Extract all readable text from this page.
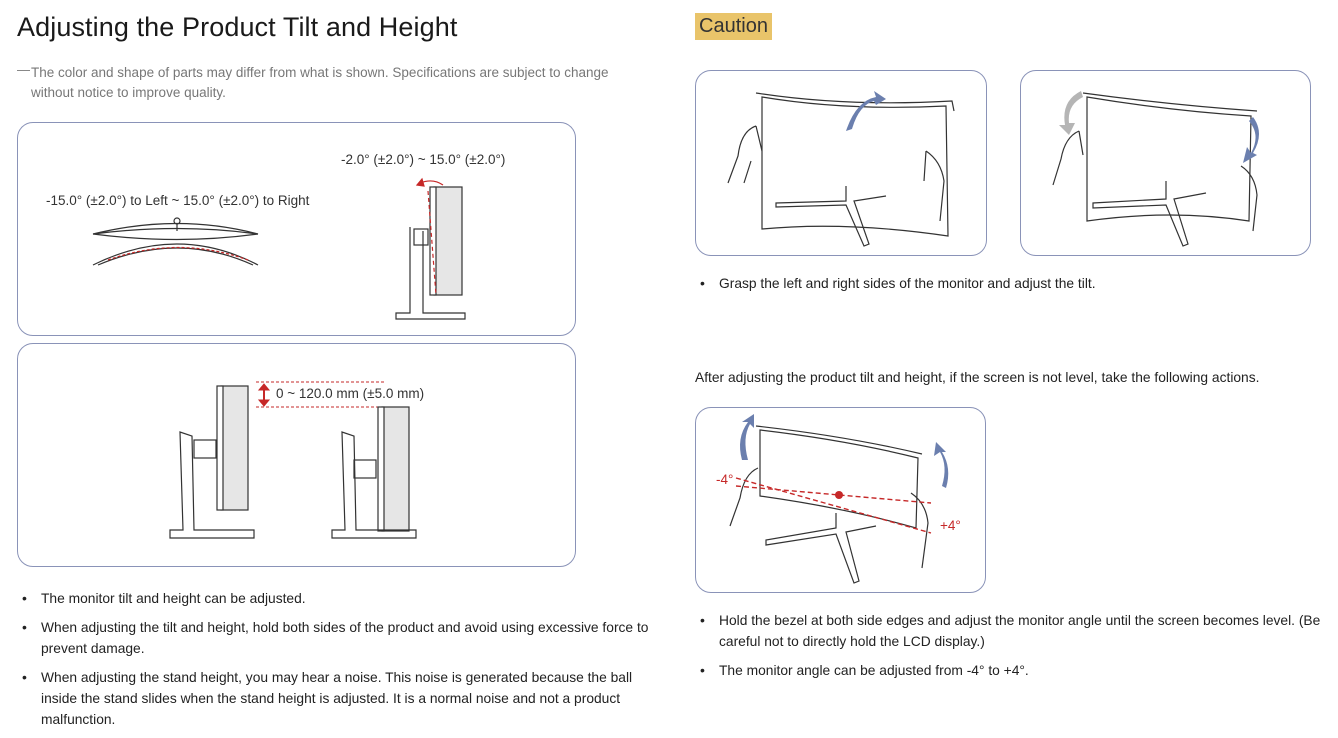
Adjusting the Product Tilt and Height
— The color and shape of parts may differ from what is shown. Specifications are subject to change without notice to improve quality.
-15.0° (±2.0°) to Left ~ 15.0° (±2.0°) to Right
-2.0° (±2.0°) ~ 15.0° (±2.0°)
0 ~ 120.0 mm (±5.0 mm)
• The monitor tilt and height can be adjusted.
• When adjusting the tilt and height, hold both sides of the product and avoid using excessive force to prevent damage.
• When adjusting the stand height, you may hear a noise. This noise is generated because the ball inside the stand slides when the stand height is adjusted. It is a normal noise and not a product malfunction.
Caution
• Grasp the left and right sides of the monitor and adjust the tilt.
After adjusting the product tilt and height, if the screen is not level, take the following actions.
-4°
+4°
• Hold the bezel at both side edges and adjust the monitor angle until the screen becomes level. (Be careful not to directly hold the LCD display.)
• The monitor angle can be adjusted from -4° to +4°.
